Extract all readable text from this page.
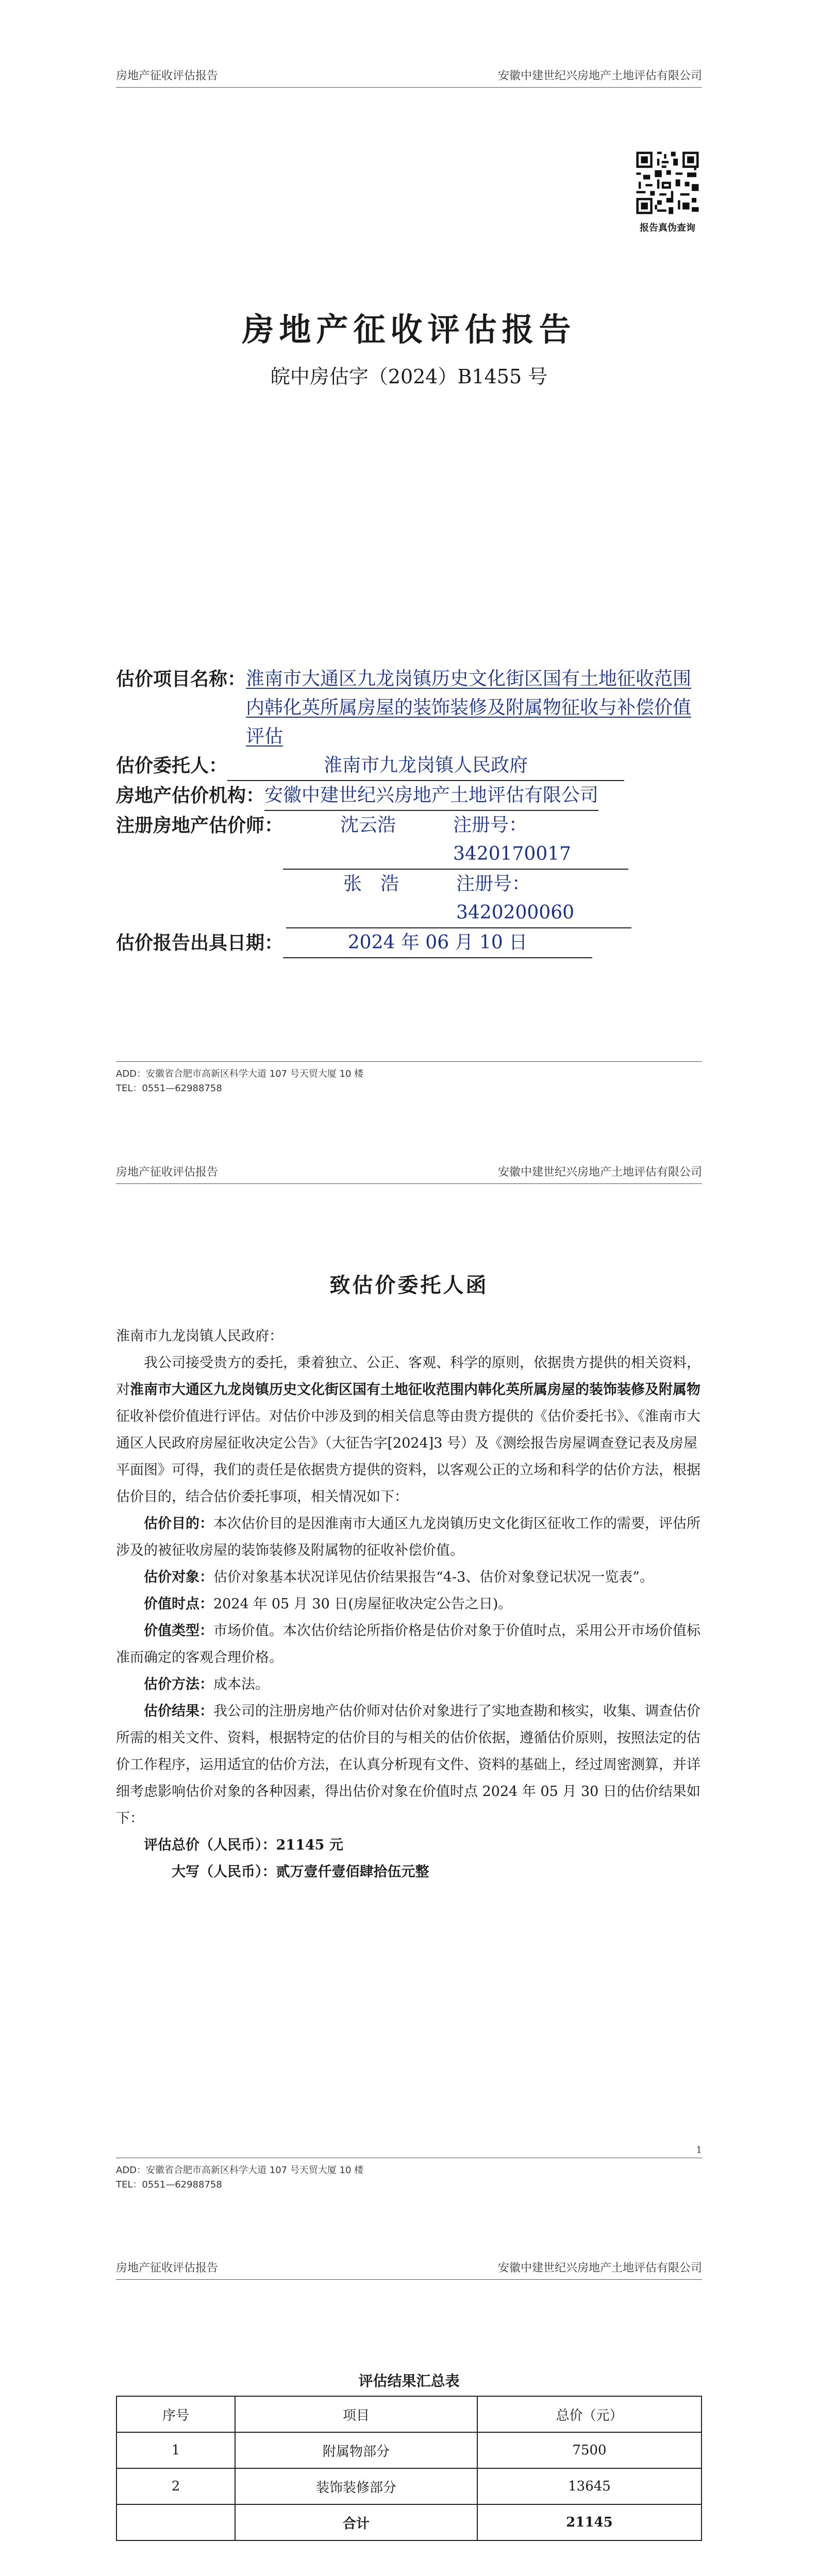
房地产征收评估报告	安徽中建世纪兴房地产土地评估有限公司
报告真伪查询
房地产征收评估报告
皖中房估字（2024）B1455 号
估价项目名称： 淮南市大通区九龙岗镇历史文化街区国有土地征收范围内韩化英所属房屋的装饰装修及附属物征收与补偿价值评估
估价委托人：	淮南市九龙岗镇人民政府
房地产估价机构： 安徽中建世纪兴房地产土地评估有限公司
注册房地产估价师：	沈云浩	注册号：3420170017
张　浩	注册号：3420200060
估价报告出具日期：	2024 年 06 月 10 日
ADD：安徽省合肥市高新区科学大道 107 号天贸大厦 10 楼
TEL：0551—62988758
房地产征收评估报告	安徽中建世纪兴房地产土地评估有限公司
致估价委托人函

淮南市九龙岗镇人民政府：

我公司接受贵方的委托，秉着独立、公正、客观、科学的原则，依据贵方提供的相关资料，对淮南市大通区九龙岗镇历史文化街区国有土地征收范围内韩化英所属房屋的装饰装修及附属物征收补偿价值进行评估。对估价中涉及到的相关信息等由贵方提供的《估价委托书》、《淮南市大通区人民政府房屋征收决定公告》（大征告字[2024]3 号）及《测绘报告房屋调查登记表及房屋平面图》可得，我们的责任是依据贵方提供的资料，以客观公正的立场和科学的估价方法，根据估价目的，结合估价委托事项，相关情况如下：

估价目的：本次估价目的是因淮南市大通区九龙岗镇历史文化街区征收工作的需要，评估所涉及的被征收房屋的装饰装修及附属物的征收补偿价值。

估价对象：估价对象基本状况详见估价结果报告“4-3、估价对象登记状况一览表”。

价值时点：2024 年 05 月 30 日(房屋征收决定公告之日)。

价值类型：市场价值。本次估价结论所指价格是估价对象于价值时点，采用公开市场价值标准而确定的客观合理价格。

估价方法：成本法。

估价结果：我公司的注册房地产估价师对估价对象进行了实地查勘和核实，收集、调查估价所需的相关文件、资料，根据特定的估价目的与相关的估价依据，遵循估价原则，按照法定的估价工作程序，运用适宜的估价方法，在认真分析现有文件、资料的基础上，经过周密测算，并详细考虑影响估价对象的各种因素，得出估价对象在价值时点 2024 年 05 月 30 日的估价结果如下：

评估总价（人民币）：21145 元

大写（人民币）：贰万壹仟壹佰肆拾伍元整

1
ADD：安徽省合肥市高新区科学大道 107 号天贸大厦 10 楼
TEL：0551—62988758
房地产征收评估报告	安徽中建世纪兴房地产土地评估有限公司
评估结果汇总表
序号	项目	总价（元）
1	附属物部分	7500
2	装饰装修部分	13645
	合计	21145
